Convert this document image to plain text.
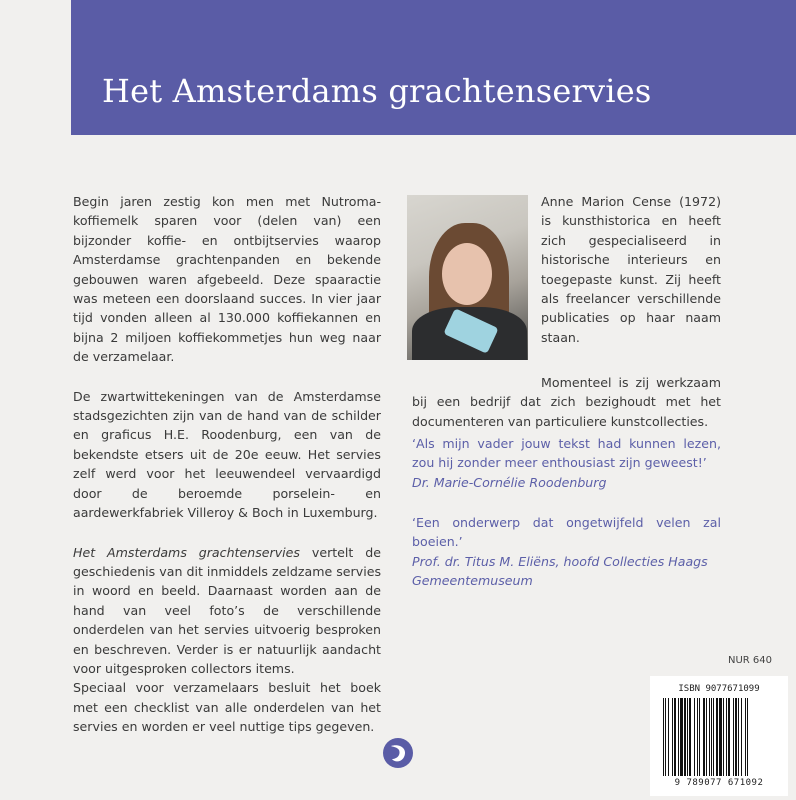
Het Amsterdams grachtenservies

Begin jaren zestig kon men met Nutroma-koffiemelk sparen voor (delen van) een bijzonder koffie- en ontbijtservies waarop Amsterdamse grachtenpanden en bekende gebouwen waren afgebeeld. Deze spaaractie was meteen een doorslaand succes. In vier jaar tijd vonden alleen al 130.000 koffiekannen en bijna 2 miljoen koffiekommetjes hun weg naar de verzamelaar.

De zwartwittekeningen van de Amsterdamse stadsgezichten zijn van de hand van de schilder en graficus H.E. Roodenburg, een van de bekendste etsers uit de 20e eeuw. Het servies zelf werd voor het leeuwendeel vervaardigd door de beroemde porselein- en aardewerkfabriek Villeroy & Boch in Luxemburg.

Het Amsterdams grachtenservies vertelt de geschiedenis van dit inmiddels zeldzame servies in woord en beeld. Daarnaast worden aan de hand van veel foto’s de verschillende onderdelen van het servies uitvoerig besproken en beschreven. Verder is er natuurlijk aandacht voor uitgesproken collectors items.

Speciaal voor verzamelaars besluit het boek met een checklist van alle onderdelen van het servies en worden er veel nuttige tips gegeven.

Anne Marion Cense (1972) is kunsthistorica en heeft zich gespecialiseerd in historische interieurs en toegepaste kunst. Zij heeft als freelancer verschillende publicaties op haar naam staan.
Momenteel is zij werkzaam bij een bedrijf dat zich bezighoudt met het documenteren van particuliere kunstcollecties.
‘Als mijn vader jouw tekst had kunnen lezen, zou hij zonder meer enthousiast zijn geweest!’
Dr. Marie-Cornélie Roodenburg
‘Een onderwerp dat ongetwijfeld velen zal boeien.’
Prof. dr. Titus M. Eliëns, hoofd Collecties Haags Gemeentemuseum
NUR 640
ISBN 9077671099
9 789077 671092
